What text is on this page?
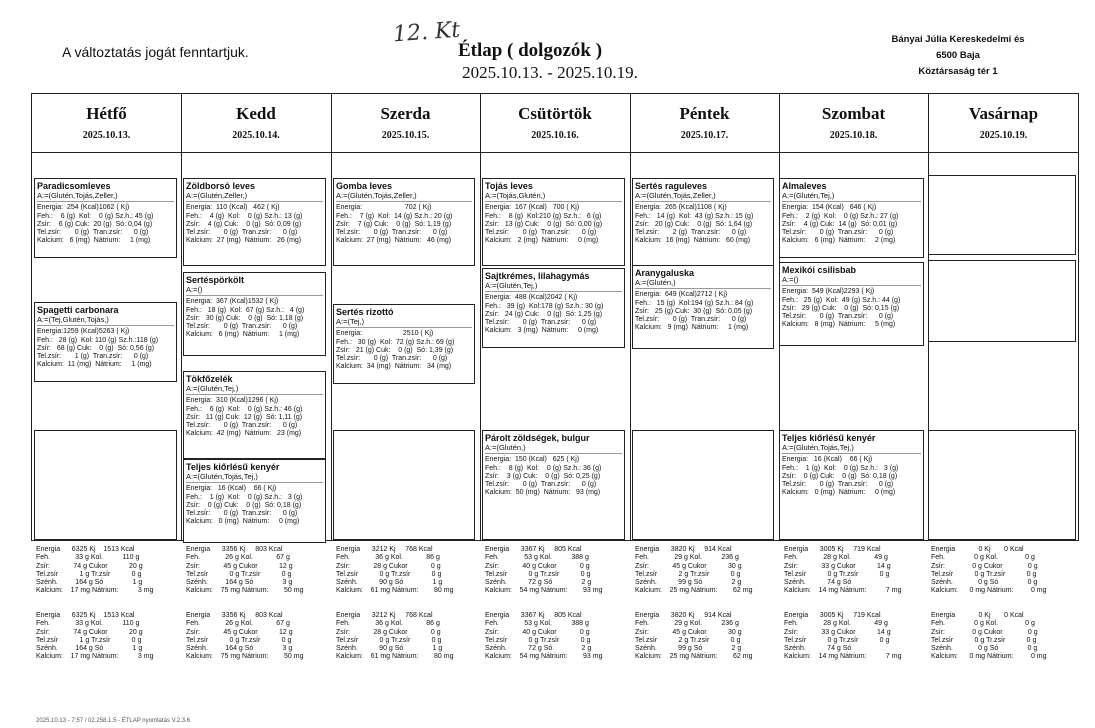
A változtatás jogát fenntartjuk.
12. Kt
Étlap ( dolgozók )
2025.10.13. - 2025.10.19.
Bányai Júlia Kereskedelmi és
6500 Baja
Köztársaság tér 1
Hétfő
2025.10.13.
Kedd
2025.10.14.
Szerda
2025.10.15.
Csütörtök
2025.10.16.
Péntek
2025.10.17.
Szombat
2025.10.18.
Vasárnap
2025.10.19.
Paradicsomleves
A:=(Glutén,Tojás,Zeller,)
Energia:  254 (Kcal)1062 ( Kj)
Feh.:    6 (g)  Kol:    0 (g) Sz.h.: 45 (g)
Zsír:    6 (g) Cuk:  20 (g)  Só: 0,04 (g)
Tel.zsír:       0 (g)  Tran.zsír:      0 (g)
Kalcium:   6 (mg)  Nátrium:     1 (mg)
Spagetti carbonara
A:=(Tej,Glutén,Tojás,)
Energia:1259 (Kcal)5263 ( Kj)
Feh.:   28 (g)  Kol: 110 (g) Sz.h.:118 (g)
Zsír:   68 (g) Cuk:    0 (g)  Só: 0,56 (g)
Tel.zsír:       1 (g)  Tran.zsír:      0 (g)
Kalcium:  11 (mg)  Nátrium:     1 (mg)
Zöldborsó leves
A:=(Glutén,Zeller,)
Energia:  110 (Kcal)   462 ( Kj)
Feh.:    4 (g)  Kol:    0 (g) Sz.h.: 13 (g)
Zsír:    4 (g) Cuk:    0 (g)  Só: 0,09 (g)
Tel.zsír:       0 (g)  Tran.zsír:      0 (g)
Kalcium:  27 (mg)  Nátrium:   26 (mg)
Sertéspörkölt
A:=()
Energia:  367 (Kcal)1532 ( Kj)
Feh.:   18 (g)  Kol:  67 (g) Sz.h.:   4 (g)
Zsír:   30 (g) Cuk:    0 (g)  Só: 1,18 (g)
Tel.zsír:       0 (g)  Tran.zsír:      0 (g)
Kalcium:   6 (mg)  Nátrium:     1 (mg)
Tökfőzelék
A:=(Glutén,Tej,)
Energia:  310 (Kcal)1296 ( Kj)
Feh.:    6 (g)  Kol:    0 (g) Sz.h.: 46 (g)
Zsír:   11 (g) Cuk:  12 (g)  Só: 1,11 (g)
Tel.zsír:       0 (g)  Tran.zsír:      0 (g)
Kalcium:  42 (mg)  Nátrium:   23 (mg)
Teljes kiőrlésű kenyér
A:=(Glutén,Tojás,Tej,)
Energia:   16 (Kcal)    66 ( Kj)
Feh.:    1 (g)  Kol:    0 (g) Sz.h.:   3 (g)
Zsír:    0 (g) Cuk:    0 (g)  Só: 0,18 (g)
Tel.zsír:       0 (g)  Tran.zsír:      0 (g)
Kalcium:   0 (mg)  Nátrium:     0 (mg)
Gomba leves
A:=(Glutén,Tojás,Zeller,)
Energia:                      702 ( Kj)
Feh.:    7 (g)  Kol:  14 (g) Sz.h.: 20 (g)
Zsír:    7 (g) Cuk:    0 (g)  Só: 1,19 (g)
Tel.zsír:       0 (g)  Tran.zsír:      0 (g)
Kalcium:  27 (mg)  Nátrium:   46 (mg)
Sertés rizottó
A:=(Tej,)
Energia:                     2510 ( Kj)
Feh.:   30 (g)  Kol:  72 (g) Sz.h.: 69 (g)
Zsír:   21 (g) Cuk:    0 (g)  Só: 1,39 (g)
Tel.zsír:       0 (g)  Tran.zsír:      0 (g)
Kalcium:  34 (mg)  Nátrium:   34 (mg)
Tojás leves
A:=(Tojás,Glutén,)
Energia:  167 (Kcal)   700 ( Kj)
Feh.:    8 (g)  Kol:210 (g) Sz.h.:   6 (g)
Zsír:   13 (g) Cuk:    0 (g)  Só: 0,00 (g)
Tel.zsír:       0 (g)  Tran.zsír:      0 (g)
Kalcium:   2 (mg)  Nátrium:     0 (mg)
Sajtkrémes, lilahagymás
A:=(Glutén,Tej,)
Energia:  488 (Kcal)2042 ( Kj)
Feh.:   39 (g)  Kol:178 (g) Sz.h.: 30 (g)
Zsír:   24 (g) Cuk:    0 (g)  Só: 1,25 (g)
Tel.zsír:       0 (g)  Tran.zsír:      0 (g)
Kalcium:   3 (mg)  Nátrium:     0 (mg)
Párolt zöldségek, bulgur
A:=(Glutén,)
Energia:  150 (Kcal)   625 ( Kj)
Feh.:    8 (g)  Kol:    0 (g) Sz.h.: 36 (g)
Zsír:    3 (g) Cuk:    0 (g)  Só: 0,25 (g)
Tel.zsír:       0 (g)  Tran.zsír:      0 (g)
Kalcium:  50 (mg)  Nátrium:   93 (mg)
Sertés raguleves
A:=(Glutén,Tojás,Zeller,)
Energia:  265 (Kcal)1108 ( Kj)
Feh.:   14 (g)  Kol:  43 (g) Sz.h.: 15 (g)
Zsír:   20 (g) Cuk:    0 (g)  Só: 1,64 (g)
Tel.zsír:       2 (g)  Tran.zsír:      0 (g)
Kalcium:  16 (mg)  Nátrium:   60 (mg)
Aranygaluska
A:=(Glutén,)
Energia:  649 (Kcal)2712 ( Kj)
Feh.:   15 (g)  Kol:194 (g) Sz.h.: 84 (g)
Zsír:   25 (g) Cuk:  30 (g)  Só: 0,05 (g)
Tel.zsír:       0 (g)  Tran.zsír:      0 (g)
Kalcium:   9 (mg)  Nátrium:     1 (mg)
Almaleves
A:=(Glutén,Tej,)
Energia:  154 (Kcal)   646 ( Kj)
Feh.:    2 (g)  Kol:    0 (g) Sz.h.: 27 (g)
Zsír:    4 (g) Cuk:  14 (g)  Só: 0,01 (g)
Tel.zsír:       0 (g)  Tran.zsír:      0 (g)
Kalcium:   6 (mg)  Nátrium:     2 (mg)
Mexikói csilisbab
A:=()
Energia:  549 (Kcal)2293 ( Kj)
Feh.:   25 (g)  Kol:  49 (g) Sz.h.: 44 (g)
Zsír:   29 (g) Cuk:    0 (g)  Só: 0,15 (g)
Tel.zsír:       0 (g)  Tran.zsír:      0 (g)
Kalcium:   8 (mg)  Nátrium:     5 (mg)
Teljes kiőrlésű kenyér
A:=(Glutén,Tojás,Tej,)
Energia:   16 (Kcal)    66 ( Kj)
Feh.:    1 (g)  Kol:    0 (g) Sz.h.:   3 (g)
Zsír:    0 (g) Cuk:    0 (g)  Só: 0,18 (g)
Tel.zsír:       0 (g)  Tran.zsír:      0 (g)
Kalcium:   0 (mg)  Nátrium:     0 (mg)
Energia      6325 Kj    1513 Kcal
Feh.             33 g Kol.          110 g
Zsír:            74 g Cukor           20 g
Tel.zsír           1 g Tr.zsír           0 g
Szénh.         164 g Só               1 g
Kalcium:    17 mg Nátrium:          3 mg
Energia      3356 Kj     803 Kcal
Feh.             26 g Kol.            67 g
Zsír:            45 g Cukor           12 g
Tel.zsír           0 g Tr.zsír           0 g
Szénh.         164 g Só               3 g
Kalcium:    75 mg Nátrium:        50 mg
Energia      3212 Kj     768 Kcal
Feh.             36 g Kol.            86 g
Zsír:            28 g Cukor            0 g
Tel.zsír           0 g Tr.zsír           0 g
Szénh.           90 g Só               1 g
Kalcium:    61 mg Nátrium:        80 mg
Energia      3367 Kj     805 Kcal
Feh.             53 g Kol.          388 g
Zsír:            40 g Cukor            0 g
Tel.zsír           0 g Tr.zsír           0 g
Szénh.           72 g Só               2 g
Kalcium:    54 mg Nátrium:        93 mg
Energia      3820 Kj     914 Kcal
Feh.             29 g Kol.          236 g
Zsír:            45 g Cukor           30 g
Tel.zsír           2 g Tr.zsír           0 g
Szénh.           99 g Só               2 g
Kalcium:    25 mg Nátrium:        62 mg
Energia      3005 Kj     719 Kcal
Feh.             28 g Kol.            49 g
Zsír:            33 g Cukor           14 g
Tel.zsír           0 g Tr.zsír           0 g
Szénh.           74 g Só
Kalcium:    14 mg Nátrium:          7 mg
Energia            0 Kj       0 Kcal
Feh.               0 g Kol.              0 g
Zsír:              0 g Cukor             0 g
Tel.zsír           0 g Tr.zsír           0 g
Szénh.             0 g Só               0 g
Kalcium:      0 mg Nátrium:         0 mg
Energia      6325 Kj    1513 Kcal
Feh.             33 g Kol.          110 g
Zsír:            74 g Cukor           20 g
Tel.zsír           1 g Tr.zsír           0 g
Szénh.         164 g Só               1 g
Kalcium:    17 mg Nátrium:          3 mg
Energia      3356 Kj     803 Kcal
Feh.             26 g Kol.            67 g
Zsír:            45 g Cukor           12 g
Tel.zsír           0 g Tr.zsír           0 g
Szénh.         164 g Só               3 g
Kalcium:    75 mg Nátrium:        50 mg
Energia      3212 Kj     768 Kcal
Feh.             36 g Kol.            86 g
Zsír:            28 g Cukor            0 g
Tel.zsír           0 g Tr.zsír           0 g
Szénh.           90 g Só               1 g
Kalcium:    61 mg Nátrium:        80 mg
Energia      3367 Kj     805 Kcal
Feh.             53 g Kol.          388 g
Zsír:            40 g Cukor            0 g
Tel.zsír           0 g Tr.zsír           0 g
Szénh.           72 g Só               2 g
Kalcium:    54 mg Nátrium:        93 mg
Energia      3820 Kj     914 Kcal
Feh.             29 g Kol.          236 g
Zsír:            45 g Cukor           30 g
Tel.zsír           2 g Tr.zsír           0 g
Szénh.           99 g Só               2 g
Kalcium:    25 mg Nátrium:        62 mg
Energia      3005 Kj     719 Kcal
Feh.             28 g Kol.            49 g
Zsír:            33 g Cukor           14 g
Tel.zsír           0 g Tr.zsír           0 g
Szénh.           74 g Só
Kalcium:    14 mg Nátrium:          7 mg
Energia            0 Kj       0 Kcal
Feh.               0 g Kol.              0 g
Zsír:              0 g Cukor             0 g
Tel.zsír           0 g Tr.zsír           0 g
Szénh.             0 g Só               0 g
Kalcium:      0 mg Nátrium:         0 mg
2025.10.13 - 7:57 / 02.258.1.5 - ÉTLAP nyomtatás V.2.3.6
